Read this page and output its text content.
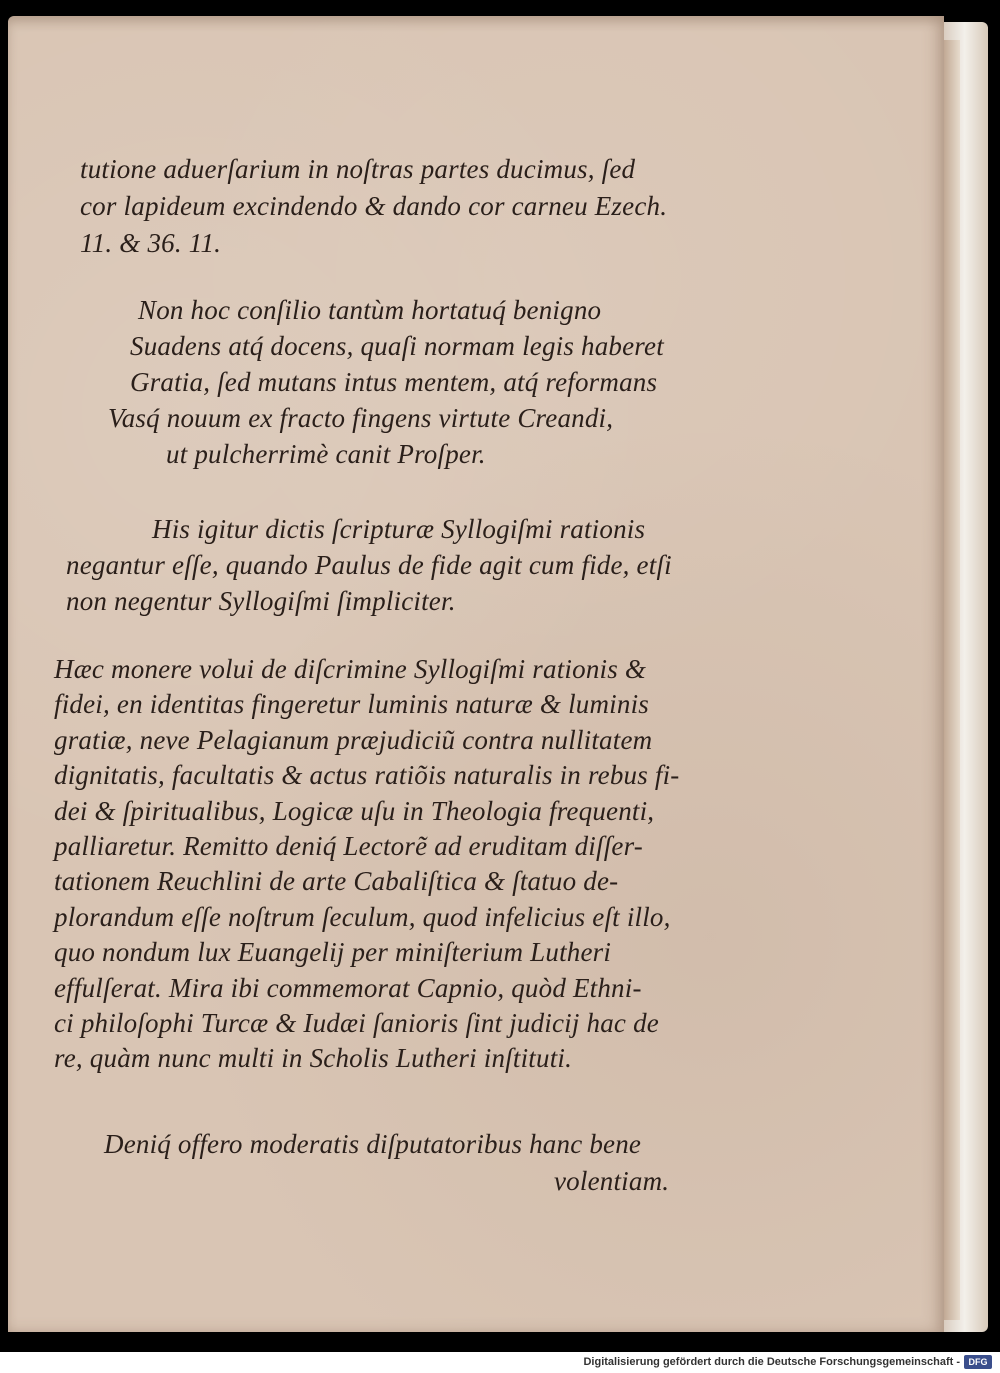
tutione aduerſarium in noſtras partes ducimus, ſed
cor lapideum excindendo & dando cor carneu Ezech.
11. & 36. 11.
Non hoc conſilio tantùm hortatuq́ benigno
Suadens atq́ docens, quaſi normam legis haberet
Gratia, ſed mutans intus mentem, atq́ reformans
Vasq́ nouum ex fracto fingens virtute Creandi,
ut pulcherrimè canit Proſper.
His igitur dictis ſcripturæ Syllogiſmi rationis
negantur eſſe, quando Paulus de fide agit cum fide, etſi
non negentur Syllogiſmi ſimpliciter.
Hæc monere volui de diſcrimine Syllogiſmi rationis &
fidei, en identitas fingeretur luminis naturæ & luminis
gratiæ, neve Pelagianum præjudiciũ contra nullitatem
dignitatis, facultatis & actus ratiõis naturalis in rebus fi-
dei & ſpiritualibus, Logicæ uſu in Theologia frequenti,
palliaretur. Remitto deniq́ Lectorẽ ad eruditam diſſer-
tationem Reuchlini de arte Cabaliſtica & ſtatuo de-
plorandum eſſe noſtrum ſeculum, quod infelicius eſt illo,
quo nondum lux Euangelij per miniſterium Lutheri
effulſerat. Mira ibi commemorat Capnio, quòd Ethni-
ci philoſophi Turcæ & Iudæi ſanioris ſint judicij hac de
re, quàm nunc multi in Scholis Lutheri inſtituti.
Deniq́ offero moderatis diſputatoribus hanc bene
volentiam.
Digitalisierung gefördert durch die Deutsche Forschungsgemeinschaft - DFG
